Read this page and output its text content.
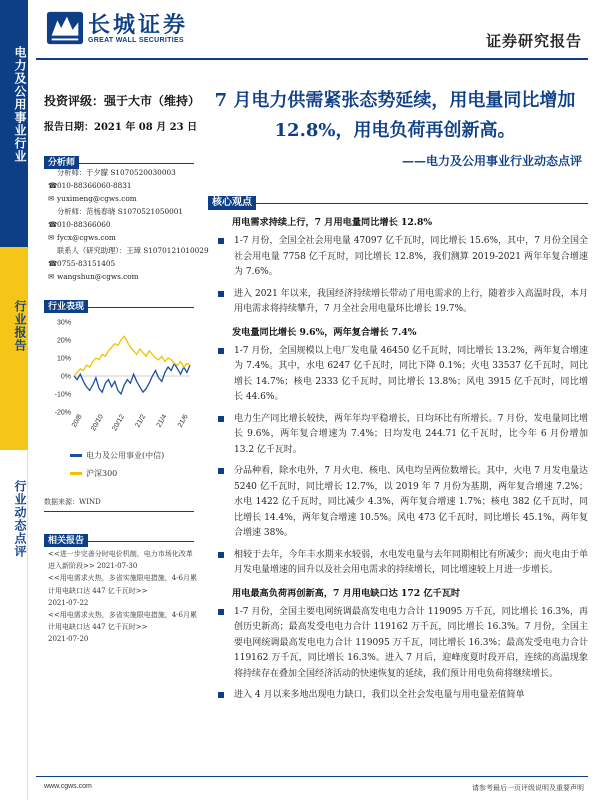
电力及公用事业行业
行业报告
行业动态点评
长城证券
GREAT WALL SECURITIES	证券研究报告
投资评级：强于大市（维持）
报告日期：2021 年 08 月 23 日
7 月电力供需紧张态势延续，用电量同比增加
12.8%，用电负荷再创新高。
——电力及公用事业行业动态点评
分析师
分析师：于夕朦 S1070520030003
☎010-88366060-8831
✉ yuximeng@cgws.com
分析师：范杨春晓 S1070521050001
☎010-88366060
✉ fycx@cgws.com
联系人（研究助理）：王璋 S1070121010029
☎0755-83151405
✉ wangshun@cgws.com
行业表现
30%
20%
10%
0%
-10%
-20%
20/8 20/10 20/12 21/2 21/4 21/6
电力及公用事业(中信)
沪深300
数据来源：WIND
相关报告
<<进一步完善分时电价机制，电力市场化改革进入新阶段>> 2021-07-30
<<用电需求火热，多省实施限电措施，4-6月累计用电缺口达 447 亿千瓦时>>
2021-07-22
<<用电需求火热，多省实施限电措施，4-6月累计用电缺口达 447 亿千瓦时>>
2021-07-20
核心观点
用电需求持续上行，7 月用电量同比增长 12.8%
1-7 月份，全国全社会用电量 47097 亿千瓦时，同比增长 15.6%，其中，7 月份全国全社会用电量 7758 亿千瓦时，同比增长 12.8%，我们测算 2019-2021 两年年复合增速为 7.6%。
进入 2021 年以来，我国经济持续增长带动了用电需求的上行，随着步入高温时段，本月用电需求将持续攀升，7 月全社会用电量环比增长 19.7%。
发电量同比增长 9.6%，两年复合增长 7.4%
1-7 月份，全国规模以上电厂发电量 46450 亿千瓦时，同比增长 13.2%，两年复合增速为 7.4%。其中，水电 6247 亿千瓦时，同比下降 0.1%；火电 33537 亿千瓦时，同比增长 14.7%；核电 2333 亿千瓦时，同比增长 13.8%；风电 3915 亿千瓦时，同比增长 44.6%。
电力生产同比增长较快，两年年均平稳增长，日均环比有所增长。7 月份，发电量同比增长 9.6%，两年复合增速为 7.4%；日均发电 244.71 亿千瓦时，比今年 6 月份增加 13.2 亿千瓦时。
分品种看，除水电外，7 月火电、核电、风电均呈两位数增长。其中，火电 7 月发电量达 5240 亿千瓦时，同比增长 12.7%，以 2019 年 7 月份为基期，两年复合增速 7.2%；水电 1422 亿千瓦时，同比减少 4.3%，两年复合增速 1.7%；核电 382 亿千瓦时，同比增长 14.4%，两年复合增速 10.5%。风电 473 亿千瓦时，同比增长 45.1%，两年复合增速 38%。
相较于去年，今年丰水期来水较弱，水电发电量与去年同期相比有所减少；而火电由于单月发电量增速的回升以及社会用电需求的持续增长，同比增速较上月进一步增长。
用电最高负荷再创新高，7 月用电缺口达 172 亿千瓦时
1-7 月份，全国主要电网统调最高发电电力合计 119095 万千瓦，同比增长 16.3%，再创历史新高；最高发受电电力合计 119162 万千瓦，同比增长 16.3%。7 月份，全国主要电网统调最高发电电力合计 119095 万千瓦，同比增长 16.3%；最高发受电电力合计 119162 万千瓦，同比增长 16.3%。进入 7 月后，迎峰度夏时段开启，连续的高温现象将持续存在叠加全国经济活动的快速恢复的延续，我们预计用电负荷将继续增长。
进入 4 月以来多地出现电力缺口，我们以全社会发电量与用电量差值简单
www.cgws.com	请参考最后一页评级说明及重要声明
